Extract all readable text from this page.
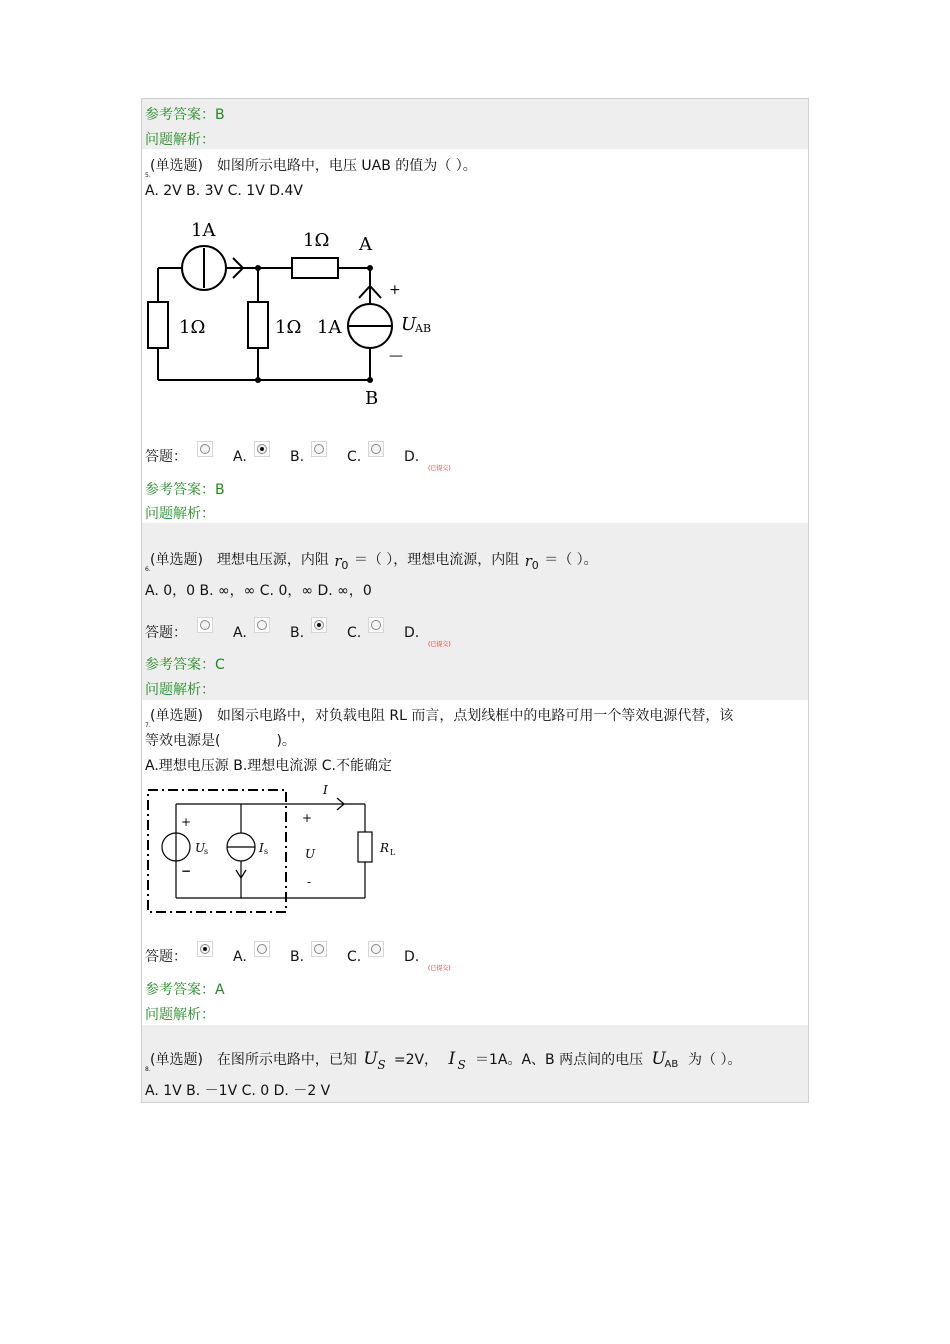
参考答案：B
问题解析：
5.
(单选题)　如图所示电路中，电压 UAB 的值为（ ）。
A. 2V B. 3V C. 1V D.4V
1A	1Ω A
1Ω	1Ω 1A
B
+
—
U
AB
答题：	A.	B.	C.	D.
(已提交)
参考答案：B
问题解析：
6.
(单选题)　理想电压源，内阻 r 0 ＝（ ），理想电流源，内阻 r 0 ＝（ ）。
A. 0，0 B. ∞，∞ C. 0，∞ D. ∞，0
答题：	A.	B.	C.	D.
(已提交)
参考答案：C
问题解析：
7.
(单选题)　如图示电路中，对负载电阻 RL 而言，点划线框中的电路可用一个等效电源代替，该
等效电源是(　　　　)。
A.理想电压源 B.理想电流源 C.不能确定
I
+
−
U
s	I s
+
U
-
R L
答题：	A.	B.	C.	D.
(已提交)
参考答案：A
问题解析：
8.
(单选题)　在图所示电路中，已知 U S =2V， I S ＝1A。A、B 两点间的电压 U
AB 为（ ）。
A. 1V B. －1V C. 0 D. －2 V
